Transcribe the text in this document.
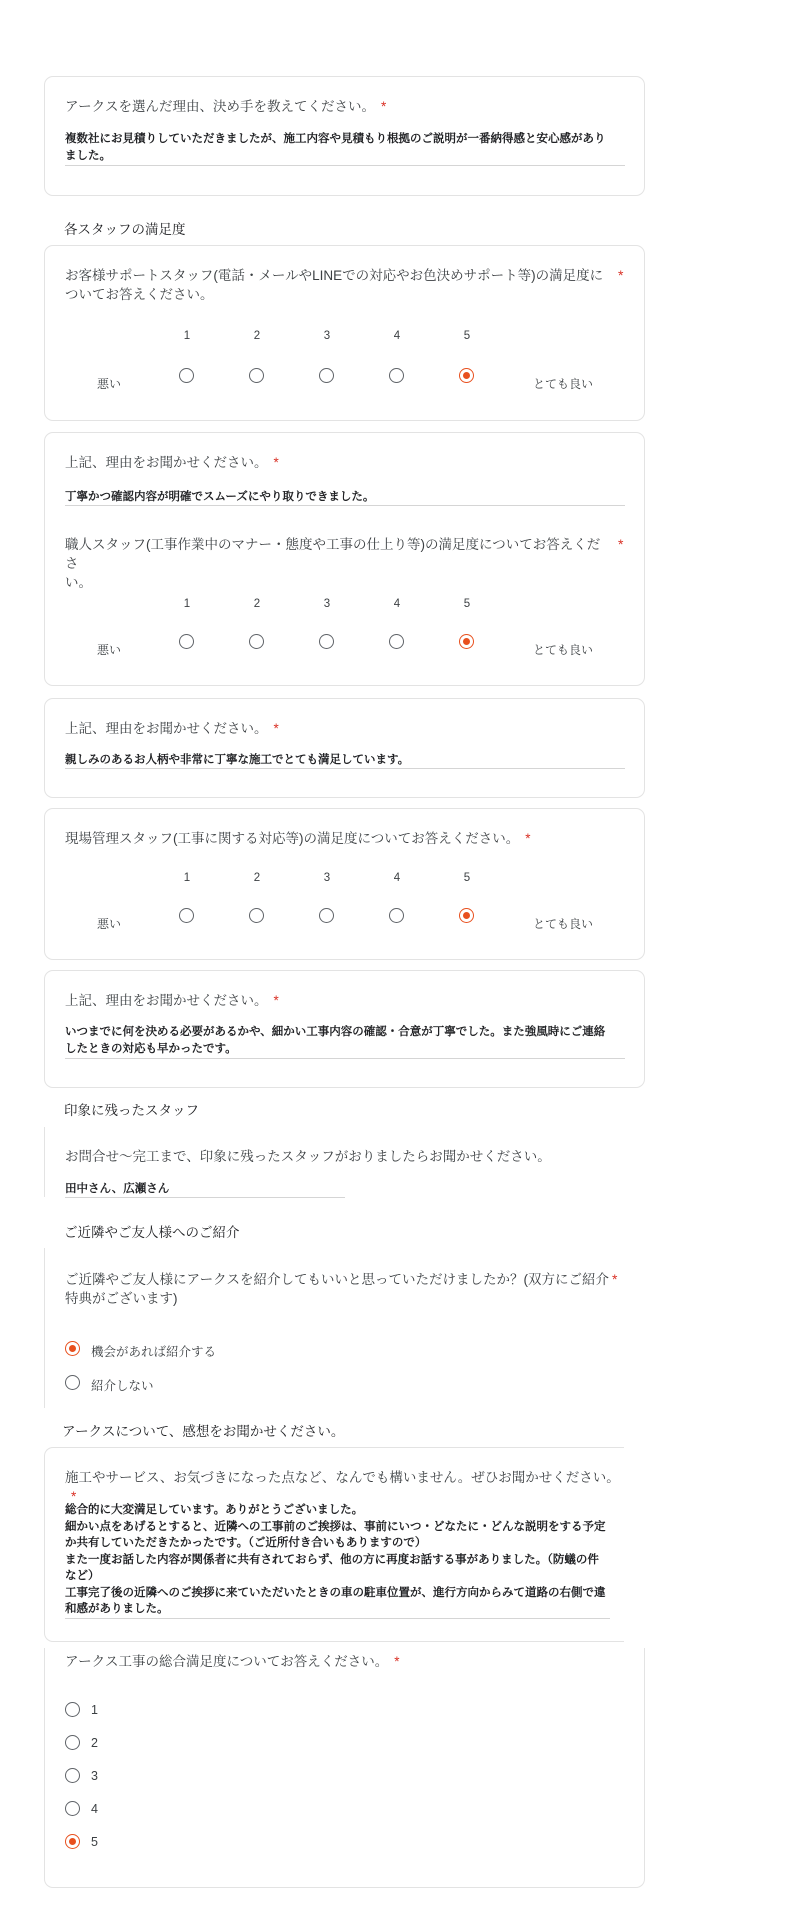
アークスを選んだ理由、決め手を教えてください。 *
複数社にお見積りしていただきましたが、施工内容や見積もり根拠のご説明が一番納得感と安心感があり
ました。
各スタッフの満足度
お客様サポートスタッフ(電話・メールやLINEでの対応やお色決めサポート等)の満足度に
ついてお答えください。
*
1	2	3	4	5
悪い	とても良い
上記、理由をお聞かせください。 *
丁寧かつ確認内容が明確でスムーズにやり取りできました。
職人スタッフ(工事作業中のマナー・態度や工事の仕上り等)の満足度についてお答えくださ
い。
*
1	2	3	4	5
悪い	とても良い
上記、理由をお聞かせください。 *
親しみのあるお人柄や非常に丁寧な施工でとても満足しています。
現場管理スタッフ(工事に関する対応等)の満足度についてお答えください。 *
1	2	3	4	5
悪い	とても良い
上記、理由をお聞かせください。 *
いつまでに何を決める必要があるかや、細かい工事内容の確認・合意が丁寧でした。また強風時にご連絡
したときの対応も早かったです。
印象に残ったスタッフ
お問合せ～完工まで、印象に残ったスタッフがおりましたらお聞かせください。
田中さん、広瀬さん
ご近隣やご友人様へのご紹介
ご近隣やご友人様にアークスを紹介してもいいと思っていただけましたか？(双方にご紹介
特典がございます)
*
機会があれば紹介する
紹介しない
アークスについて、感想をお聞かせください。
施工やサービス、お気づきになった点など、なんでも構いません。ぜひお聞かせください。*
総合的に大変満足しています。ありがとうございました。
細かい点をあげるとすると、近隣への工事前のご挨拶は、事前にいつ・どなたに・どんな説明をする予定
か共有していただきたかったです。（ご近所付き合いもありますので）
また一度お話した内容が関係者に共有されておらず、他の方に再度お話する事がありました。（防蟻の件
など）
工事完了後の近隣へのご挨拶に来ていただいたときの車の駐車位置が、進行方向からみて道路の右側で違
和感がありました。
アークス工事の総合満足度についてお答えください。 *
1
2
3
4
5
